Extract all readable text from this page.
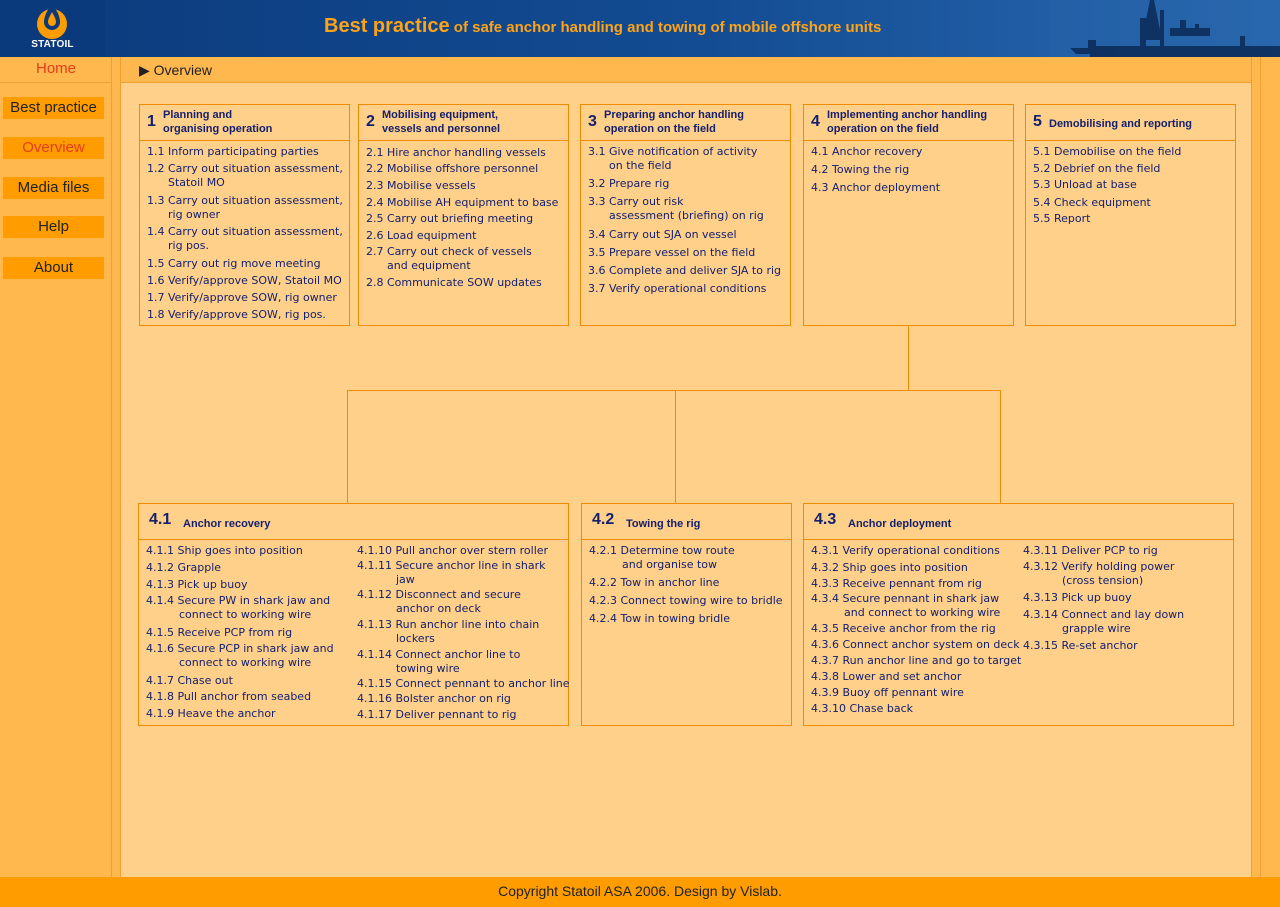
STATOIL
Best practice of safe anchor handling and towing of mobile offshore units
Home
Best practice
Overview
Media files
Help
About
▶ Overview
1 Planning and
organising operation
1.1 Inform participating parties
1.2 Carry out situation assessment,
Statoil MO
1.3 Carry out situation assessment,
rig owner
1.4 Carry out situation assessment,
rig pos.
1.5 Carry out rig move meeting
1.6 Verify/approve SOW, Statoil MO
1.7 Verify/approve SOW, rig owner
1.8 Verify/approve SOW, rig pos.
2 Mobilising equipment,
vessels and personnel
2.1 Hire anchor handling vessels
2.2 Mobilise offshore personnel
2.3 Mobilise vessels
2.4 Mobilise AH equipment to base
2.5 Carry out briefing meeting
2.6 Load equipment
2.7 Carry out check of vessels
and equipment
2.8 Communicate SOW updates
3 Preparing anchor handling
operation on the field
3.1 Give notification of activity
on the field
3.2 Prepare rig
3.3 Carry out risk
assessment (briefing) on rig
3.4 Carry out SJA on vessel
3.5 Prepare vessel on the field
3.6 Complete and deliver SJA to rig
3.7 Verify operational conditions
4 Implementing anchor handling
operation on the field
4.1 Anchor recovery
4.2 Towing the rig
4.3 Anchor deployment
5 Demobilising and reporting
5.1 Demobilise on the field
5.2 Debrief on the field
5.3 Unload at base
5.4 Check equipment
5.5 Report
4.1 Anchor recovery
4.1.1 Ship goes into position
4.1.2 Grapple
4.1.3 Pick up buoy
4.1.4 Secure PW in shark jaw and
connect to working wire
4.1.5 Receive PCP from rig
4.1.6 Secure PCP in shark jaw and
connect to working wire
4.1.7 Chase out
4.1.8 Pull anchor from seabed
4.1.9 Heave the anchor
4.1.10 Pull anchor over stern roller
4.1.11 Secure anchor line in shark
jaw
4.1.12 Disconnect and secure
anchor on deck
4.1.13 Run anchor line into chain
lockers
4.1.14 Connect anchor line to
towing wire
4.1.15 Connect pennant to anchor line
4.1.16 Bolster anchor on rig
4.1.17 Deliver pennant to rig
4.2 Towing the rig
4.2.1 Determine tow route
and organise tow
4.2.2 Tow in anchor line
4.2.3 Connect towing wire to bridle
4.2.4 Tow in towing bridle
4.3 Anchor deployment
4.3.1 Verify operational conditions
4.3.2 Ship goes into position
4.3.3 Receive pennant from rig
4.3.4 Secure pennant in shark jaw
and connect to working wire
4.3.5 Receive anchor from the rig
4.3.6 Connect anchor system on deck
4.3.7 Run anchor line and go to target
4.3.8 Lower and set anchor
4.3.9 Buoy off pennant wire
4.3.10 Chase back
4.3.11 Deliver PCP to rig
4.3.12 Verify holding power
(cross tension)
4.3.13 Pick up buoy
4.3.14 Connect and lay down
grapple wire
4.3.15 Re-set anchor
Copyright Statoil ASA 2006. Design by Vislab.
